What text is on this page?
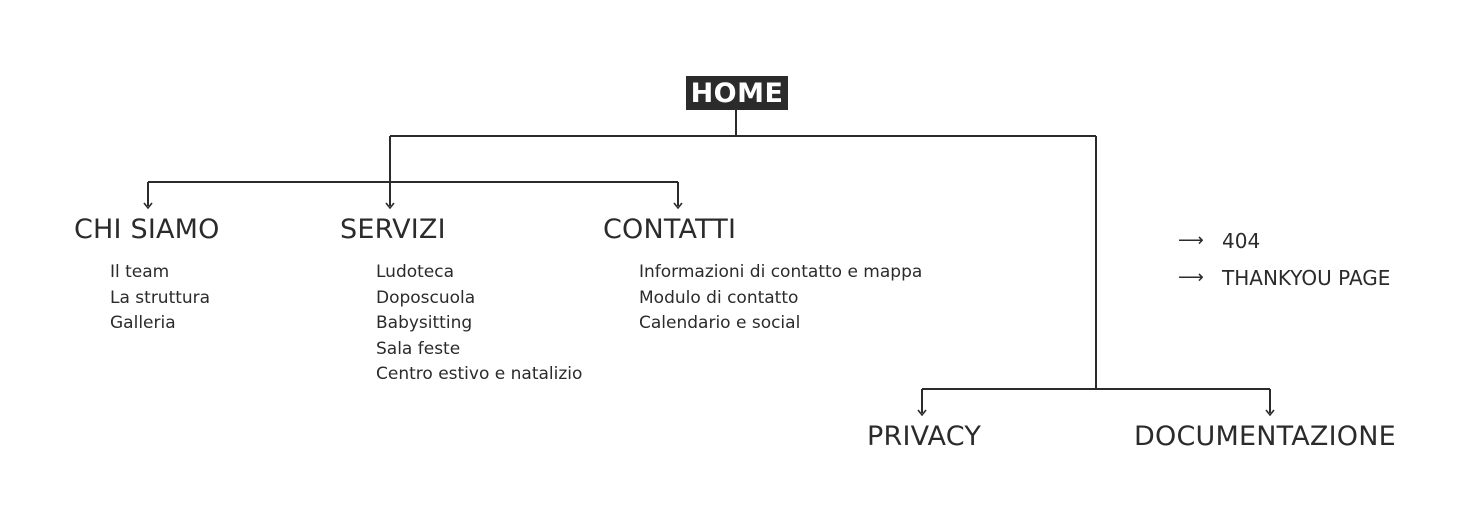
HOME
CHI SIAMO
Il team
La struttura
Galleria
SERVIZI
Ludoteca
Doposcuola
Babysitting
Sala feste
Centro estivo e natalizio
CONTATTI
Informazioni di contatto e mappa
Modulo di contatto
Calendario e social
PRIVACY	DOCUMENTAZIONE
⟶ 404
⟶ THANKYOU PAGE
